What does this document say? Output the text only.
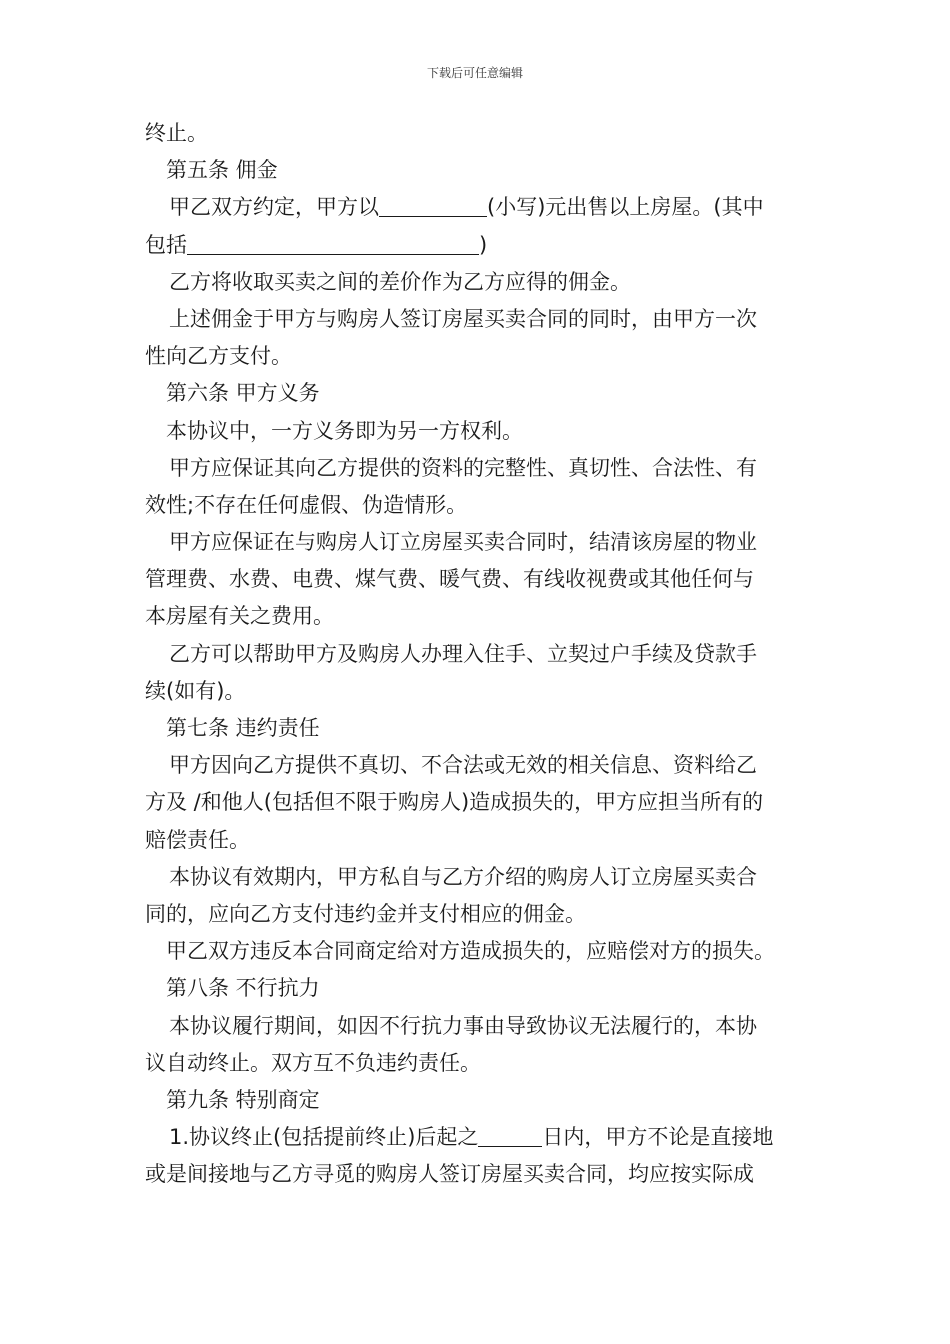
下载后可任意编辑
终止。
第五条 佣金
甲乙双方约定，甲方以	(小写)元出售以上房屋。(其中
包括	)
乙方将收取买卖之间的差价作为乙方应得的佣金。
上述佣金于甲方与购房人签订房屋买卖合同的同时，由甲方一次
性向乙方支付。
第六条 甲方义务
本协议中，一方义务即为另一方权利。
甲方应保证其向乙方提供的资料的完整性、真切性、合法性、有
效性;不存在任何虚假、伪造情形。
甲方应保证在与购房人订立房屋买卖合同时，结清该房屋的物业
管理费、水费、电费、煤气费、暖气费、有线收视费或其他任何与
本房屋有关之费用。
乙方可以帮助甲方及购房人办理入住手、立契过户手续及贷款手
续(如有)。
第七条 违约责任
甲方因向乙方提供不真切、不合法或无效的相关信息、资料给乙
方及 /和他人(包括但不限于购房人)造成损失的，甲方应担当所有的
赔偿责任。
本协议有效期内，甲方私自与乙方介绍的购房人订立房屋买卖合
同的，应向乙方支付违约金并支付相应的佣金。
甲乙双方违反本合同商定给对方造成损失的，应赔偿对方的损失。
第八条 不行抗力
本协议履行期间，如因不行抗力事由导致协议无法履行的，本协
议自动终止。双方互不负违约责任。
第九条 特别商定
1.协议终止(包括提前终止)后起之	日内，甲方不论是直接地
或是间接地与乙方寻觅的购房人签订房屋买卖合同，均应按实际成
